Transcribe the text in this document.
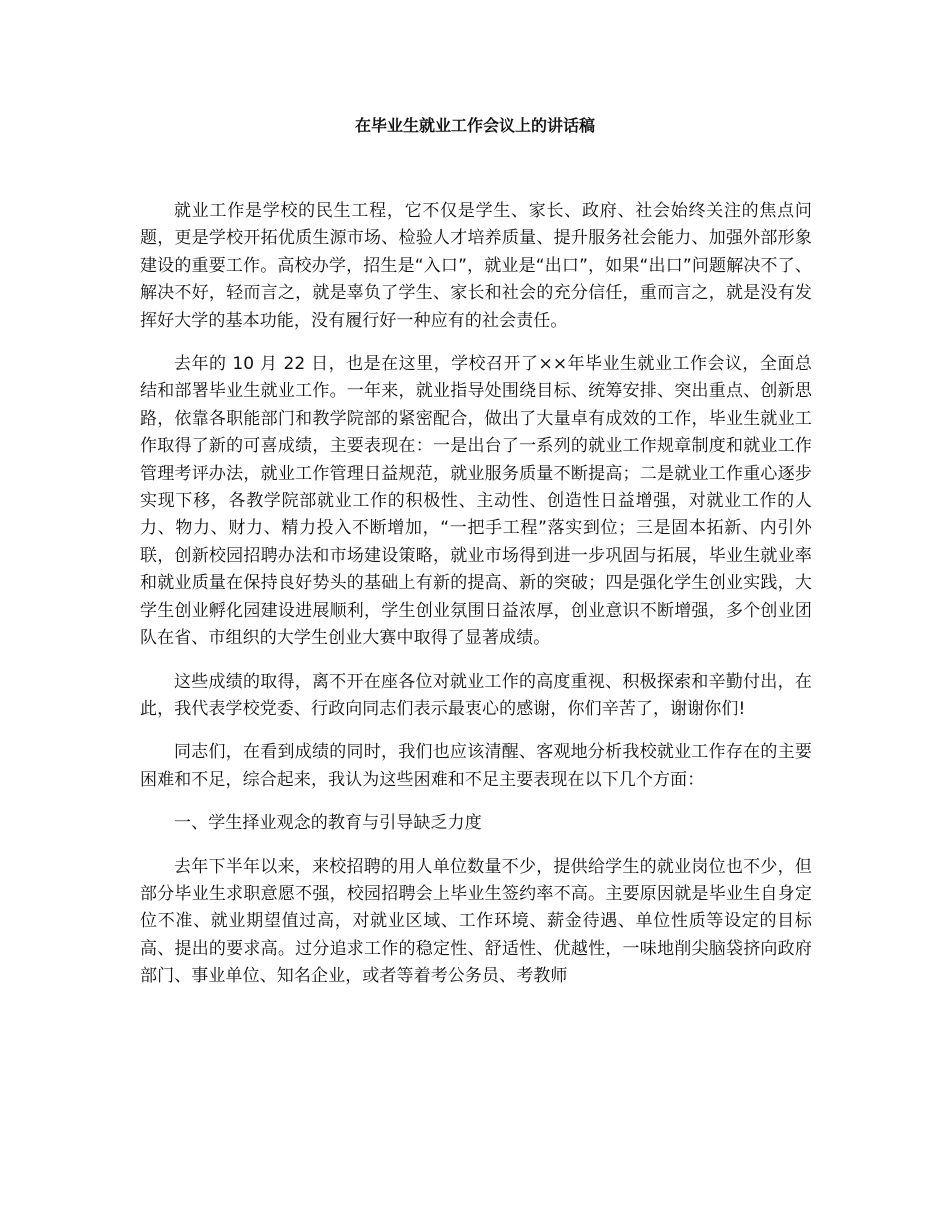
在毕业生就业工作会议上的讲话稿

就业工作是学校的民生工程，它不仅是学生、家长、政府、社会始终关注的焦点问题，更是学校开拓优质生源市场、检验人才培养质量、提升服务社会能力、加强外部形象建设的重要工作。高校办学，招生是“入口”，就业是“出口”，如果“出口”问题解决不了、解决不好，轻而言之，就是辜负了学生、家长和社会的充分信任，重而言之，就是没有发挥好大学的基本功能，没有履行好一种应有的社会责任。

去年的 10 月 22 日，也是在这里，学校召开了××年毕业生就业工作会议，全面总结和部署毕业生就业工作。一年来，就业指导处围绕目标、统筹安排、突出重点、创新思路，依靠各职能部门和教学院部的紧密配合，做出了大量卓有成效的工作，毕业生就业工作取得了新的可喜成绩，主要表现在：一是出台了一系列的就业工作规章制度和就业工作管理考评办法，就业工作管理日益规范，就业服务质量不断提高；二是就业工作重心逐步实现下移，各教学院部就业工作的积极性、主动性、创造性日益增强，对就业工作的人力、物力、财力、精力投入不断增加，“一把手工程”落实到位；三是固本拓新、内引外联，创新校园招聘办法和市场建设策略，就业市场得到进一步巩固与拓展，毕业生就业率和就业质量在保持良好势头的基础上有新的提高、新的突破；四是强化学生创业实践，大学生创业孵化园建设进展顺利，学生创业氛围日益浓厚，创业意识不断增强，多个创业团队在省、市组织的大学生创业大赛中取得了显著成绩。

这些成绩的取得，离不开在座各位对就业工作的高度重视、积极探索和辛勤付出，在此，我代表学校党委、行政向同志们表示最衷心的感谢，你们辛苦了，谢谢你们!

同志们，在看到成绩的同时，我们也应该清醒、客观地分析我校就业工作存在的主要困难和不足，综合起来，我认为这些困难和不足主要表现在以下几个方面：

一、学生择业观念的教育与引导缺乏力度

去年下半年以来，来校招聘的用人单位数量不少，提供给学生的就业岗位也不少，但部分毕业生求职意愿不强，校园招聘会上毕业生签约率不高。主要原因就是毕业生自身定位不准、就业期望值过高，对就业区域、工作环境、薪金待遇、单位性质等设定的目标高、提出的要求高。过分追求工作的稳定性、舒适性、优越性，一味地削尖脑袋挤向政府部门、事业单位、知名企业，或者等着考公务员、考教师
